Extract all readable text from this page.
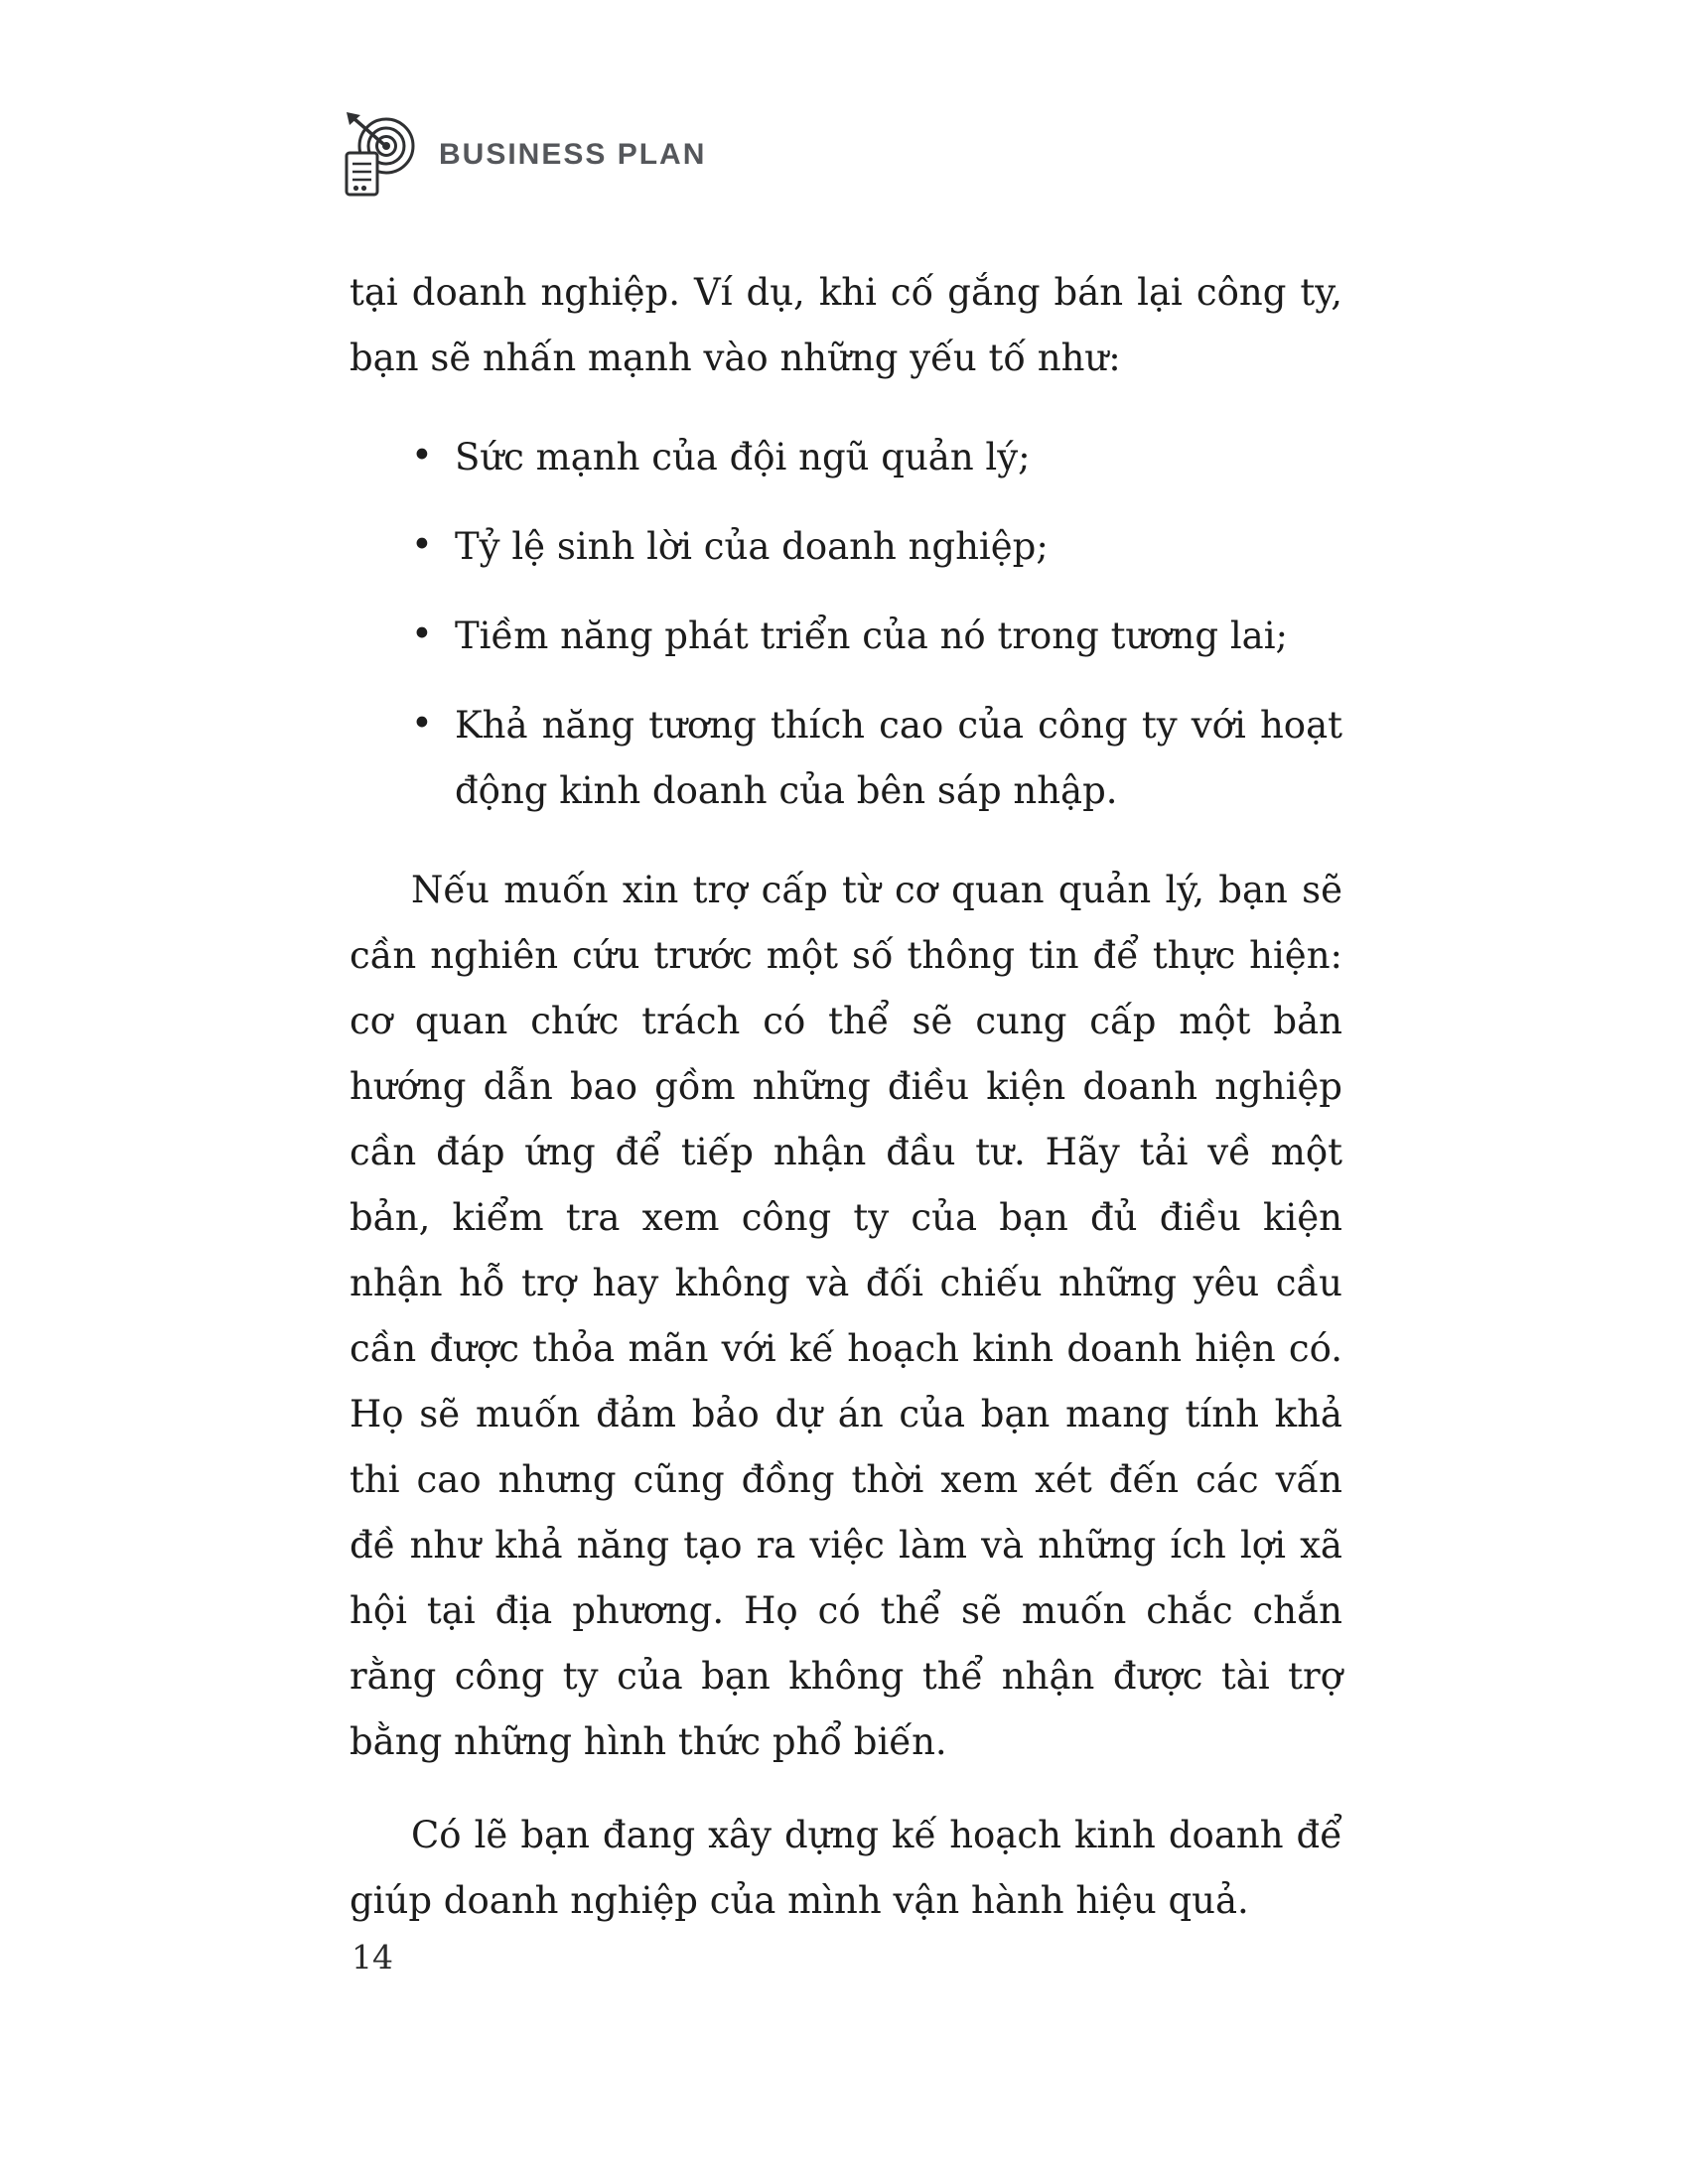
BUSINESS PLAN

tại doanh nghiệp. Ví dụ, khi cố gắng bán lại công ty, bạn sẽ nhấn mạnh vào những yếu tố như:

• Sức mạnh của đội ngũ quản lý;
• Tỷ lệ sinh lời của doanh nghiệp;
• Tiềm năng phát triển của nó trong tương lai;
• Khả năng tương thích cao của công ty với hoạt động kinh doanh của bên sáp nhập.

Nếu muốn xin trợ cấp từ cơ quan quản lý, bạn sẽ cần nghiên cứu trước một số thông tin để thực hiện: cơ quan chức trách có thể sẽ cung cấp một bản hướng dẫn bao gồm những điều kiện doanh nghiệp cần đáp ứng để tiếp nhận đầu tư. Hãy tải về một bản, kiểm tra xem công ty của bạn đủ điều kiện nhận hỗ trợ hay không và đối chiếu những yêu cầu cần được thỏa mãn với kế hoạch kinh doanh hiện có. Họ sẽ muốn đảm bảo dự án của bạn mang tính khả thi cao nhưng cũng đồng thời xem xét đến các vấn đề như khả năng tạo ra việc làm và những ích lợi xã hội tại địa phương. Họ có thể sẽ muốn chắc chắn rằng công ty của bạn không thể nhận được tài trợ bằng những hình thức phổ biến.

Có lẽ bạn đang xây dựng kế hoạch kinh doanh để giúp doanh nghiệp của mình vận hành hiệu quả.

14
